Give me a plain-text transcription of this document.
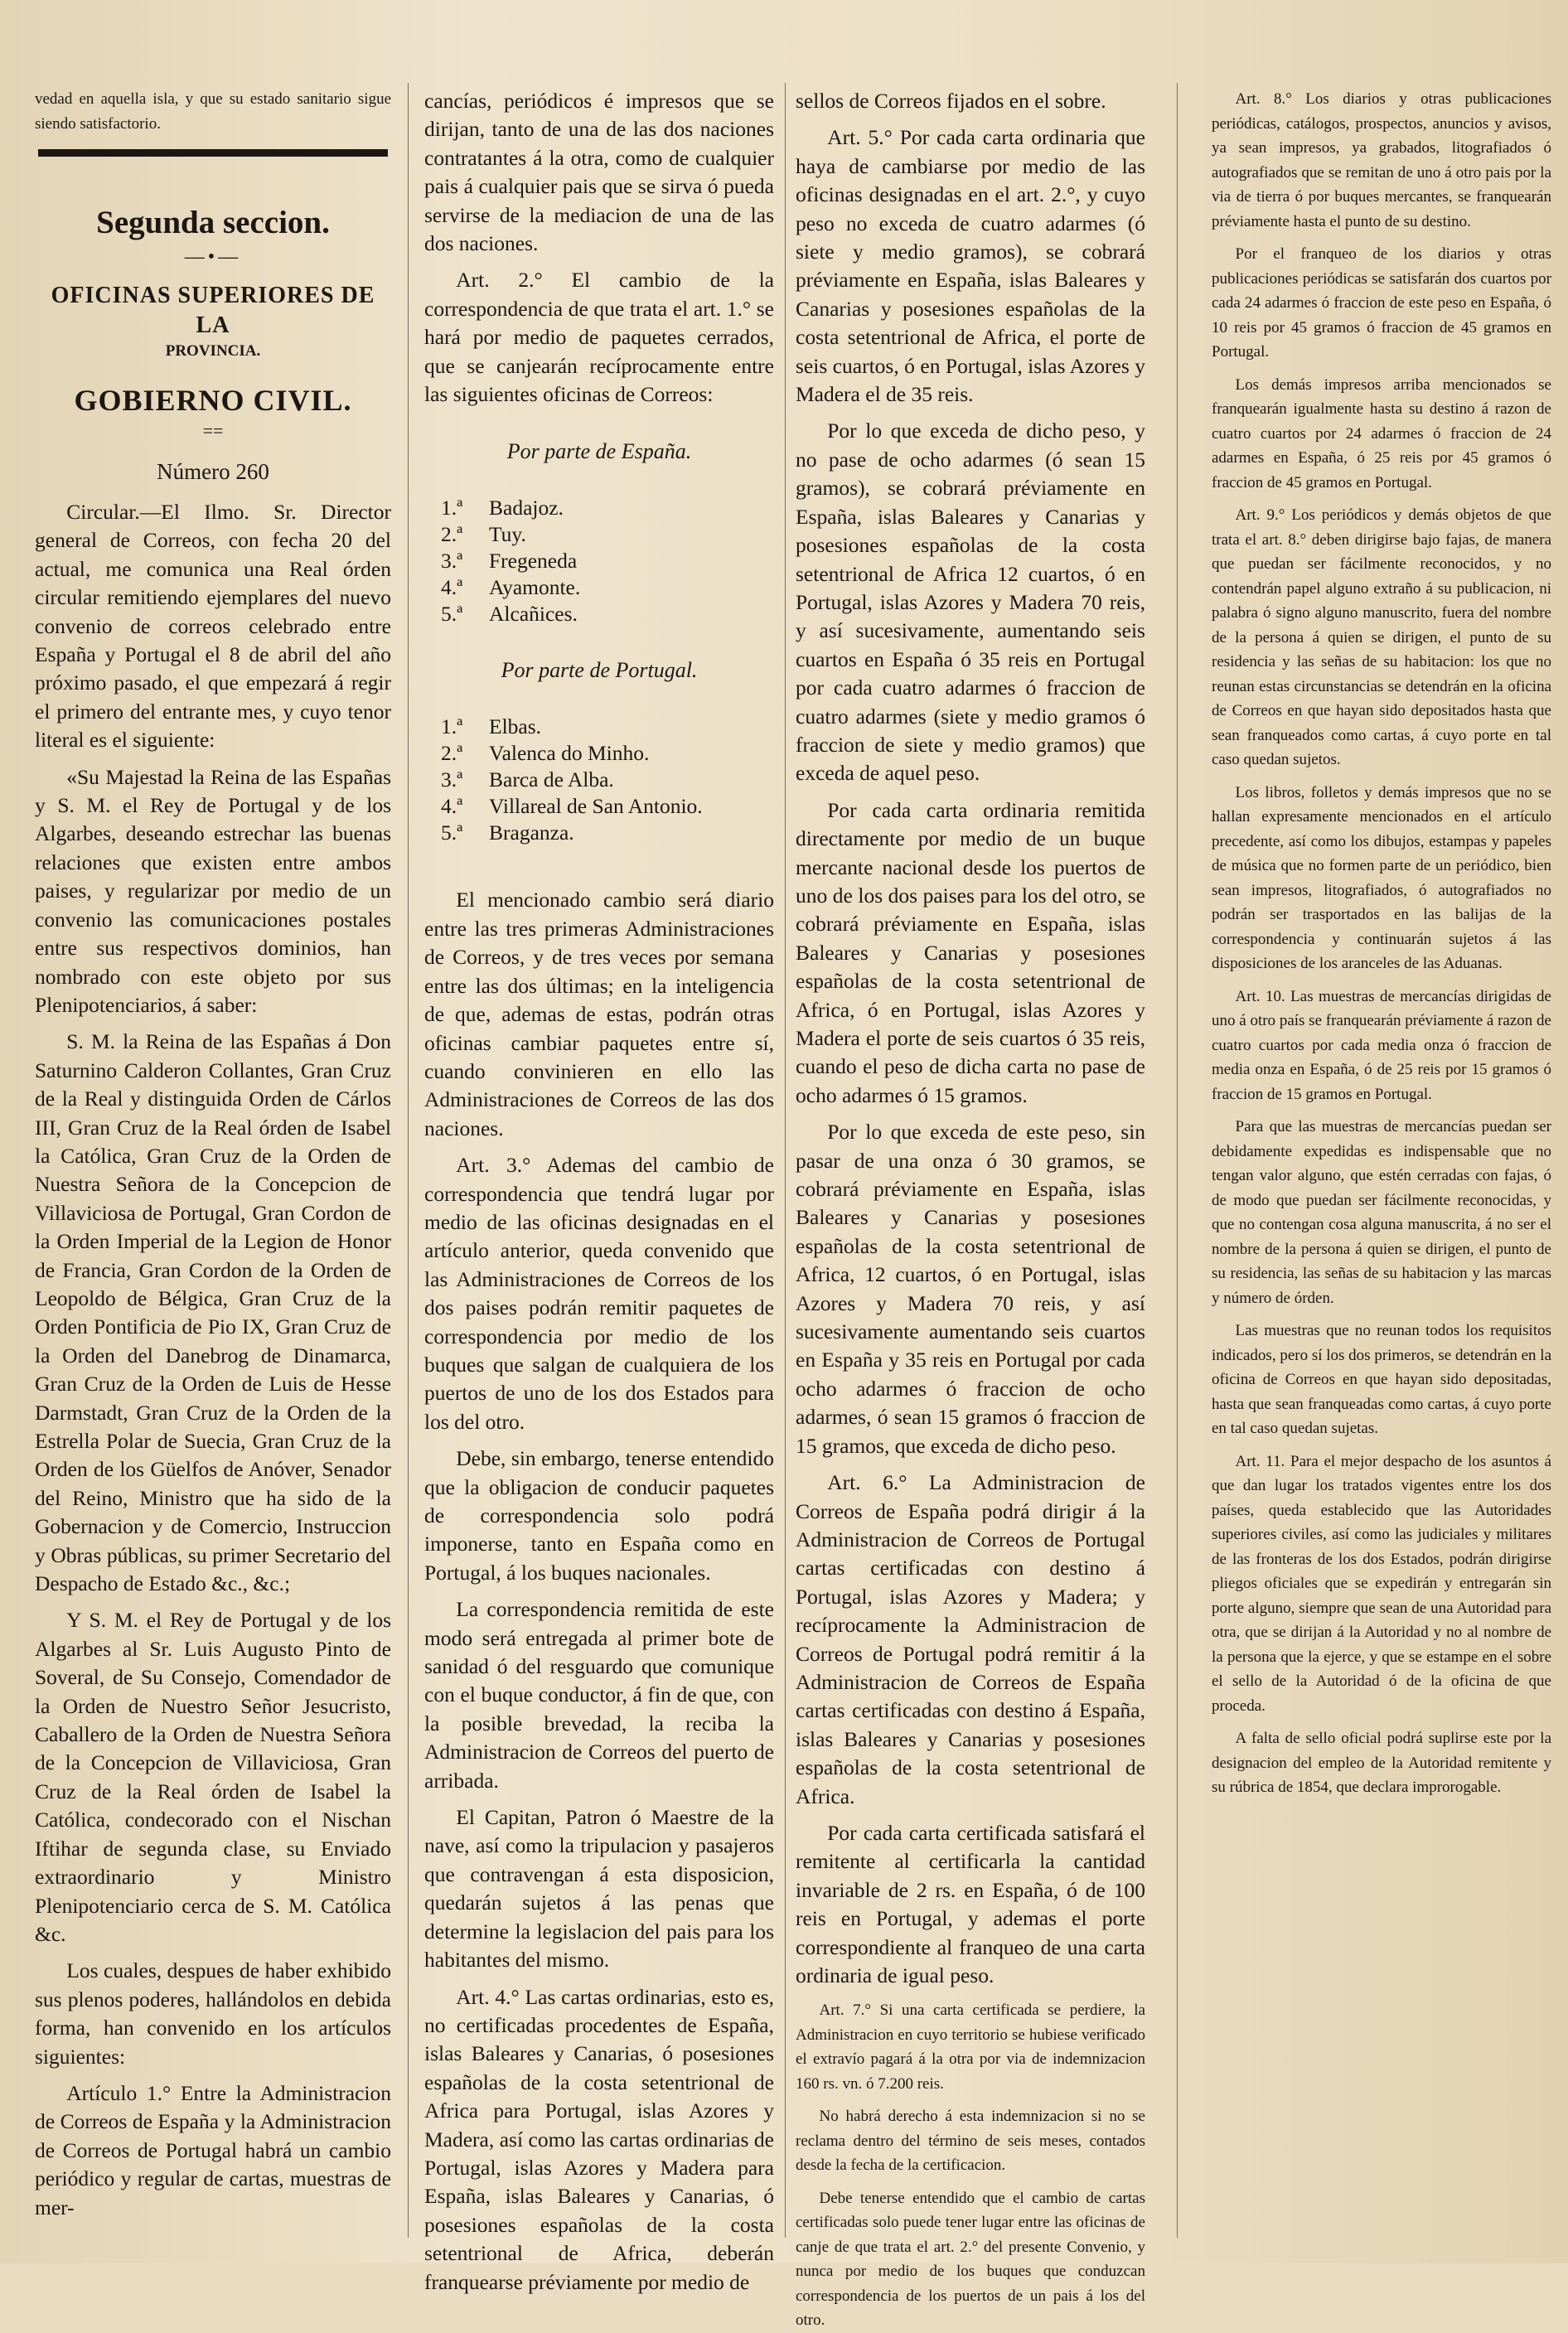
vedad en aquella isla, y que su estado sanitario sigue siendo satisfactorio.

Segunda seccion.
—•—
OFICINAS SUPERIORES DE LA
PROVINCIA.
GOBIERNO CIVIL.
==
Número 260

Circular.—El Ilmo. Sr. Director general de Correos, con fecha 20 del actual, me comunica una Real órden circular remitiendo ejemplares del nuevo convenio de correos celebrado entre España y Portugal el 8 de abril del año próximo pasado, el que empezará á regir el primero del entrante mes, y cuyo tenor literal es el siguiente:

«Su Majestad la Reina de las Españas y S. M. el Rey de Portugal y de los Algarbes, deseando estrechar las buenas relaciones que existen entre ambos paises, y regularizar por medio de un convenio las comunicaciones postales entre sus respectivos dominios, han nombrado con este objeto por sus Plenipotenciarios, á saber:

S. M. la Reina de las Españas á Don Saturnino Calderon Collantes, Gran Cruz de la Real y distinguida Orden de Cárlos III, Gran Cruz de la Real órden de Isabel la Católica, Gran Cruz de la Orden de Nuestra Señora de la Concepcion de Villaviciosa de Portugal, Gran Cordon de la Orden Imperial de la Legion de Honor de Francia, Gran Cordon de la Orden de Leopoldo de Bélgica, Gran Cruz de la Orden Pontificia de Pio IX, Gran Cruz de la Orden del Danebrog de Dinamarca, Gran Cruz de la Orden de Luis de Hesse Darmstadt, Gran Cruz de la Orden de la Estrella Polar de Suecia, Gran Cruz de la Orden de los Güelfos de Anóver, Senador del Reino, Ministro que ha sido de la Gobernacion y de Comercio, Instruccion y Obras públicas, su primer Secretario del Despacho de Estado &c., &c.;

Y S. M. el Rey de Portugal y de los Algarbes al Sr. Luis Augusto Pinto de Soveral, de Su Consejo, Comendador de la Orden de Nuestro Señor Jesucristo, Caballero de la Orden de Nuestra Señora de la Concepcion de Villaviciosa, Gran Cruz de la Real órden de Isabel la Católica, condecorado con el Nischan Iftihar de segunda clase, su Enviado extraordinario y Ministro Plenipotenciario cerca de S. M. Católica &c.

Los cuales, despues de haber exhibido sus plenos poderes, hallándolos en debida forma, han convenido en los artículos siguientes:

Artículo 1.° Entre la Administracion de Correos de España y la Administracion de Correos de Portugal habrá un cambio periódico y regular de cartas, muestras de mer-

cancías, periódicos é impresos que se dirijan, tanto de una de las dos naciones contratantes á la otra, como de cualquier pais á cualquier pais que se sirva ó pueda servirse de la mediacion de una de las dos naciones.

Art. 2.° El cambio de la correspondencia de que trata el art. 1.° se hará por medio de paquetes cerrados, que se canjearán recíprocamente entre las siguientes oficinas de Correos:

Por parte de España.
1.ª Badajoz.
2.ª Tuy.
3.ª Fregeneda
4.ª Ayamonte.
5.ª Alcañices.
Por parte de Portugal.
1.ª Elbas.
2.ª Valenca do Minho.
3.ª Barca de Alba.
4.ª Villareal de San Antonio.
5.ª Braganza.

El mencionado cambio será diario entre las tres primeras Administraciones de Correos, y de tres veces por semana entre las dos últimas; en la inteligencia de que, ademas de estas, podrán otras oficinas cambiar paquetes entre sí, cuando convinieren en ello las Administraciones de Correos de las dos naciones.

Art. 3.° Ademas del cambio de correspondencia que tendrá lugar por medio de las oficinas designadas en el artículo anterior, queda convenido que las Administraciones de Correos de los dos paises podrán remitir paquetes de correspondencia por medio de los buques que salgan de cualquiera de los puertos de uno de los dos Estados para los del otro.

Debe, sin embargo, tenerse entendido que la obligacion de conducir paquetes de correspondencia solo podrá imponerse, tanto en España como en Portugal, á los buques nacionales.

La correspondencia remitida de este modo será entregada al primer bote de sanidad ó del resguardo que comunique con el buque conductor, á fin de que, con la posible brevedad, la reciba la Administracion de Correos del puerto de arribada.

El Capitan, Patron ó Maestre de la nave, así como la tripulacion y pasajeros que contravengan á esta disposicion, quedarán sujetos á las penas que determine la legislacion del pais para los habitantes del mismo.

Art. 4.° Las cartas ordinarias, esto es, no certificadas procedentes de España, islas Baleares y Canarias, ó posesiones españolas de la costa setentrional de Africa para Portugal, islas Azores y Madera, así como las cartas ordinarias de Portugal, islas Azores y Madera para España, islas Baleares y Canarias, ó posesiones españolas de la costa setentrional de Africa, deberán franquearse préviamente por medio de

sellos de Correos fijados en el sobre.

Art. 5.° Por cada carta ordinaria que haya de cambiarse por medio de las oficinas designadas en el art. 2.°, y cuyo peso no exceda de cuatro adarmes (ó siete y medio gramos), se cobrará préviamente en España, islas Baleares y Canarias y posesiones españolas de la costa setentrional de Africa, el porte de seis cuartos, ó en Portugal, islas Azores y Madera el de 35 reis.

Por lo que exceda de dicho peso, y no pase de ocho adarmes (ó sean 15 gramos), se cobrará préviamente en España, islas Baleares y Canarias y posesiones españolas de la costa setentrional de Africa 12 cuartos, ó en Portugal, islas Azores y Madera 70 reis, y así sucesivamente, aumentando seis cuartos en España ó 35 reis en Portugal por cada cuatro adarmes ó fraccion de cuatro adarmes (siete y medio gramos ó fraccion de siete y medio gramos) que exceda de aquel peso.

Por cada carta ordinaria remitida directamente por medio de un buque mercante nacional desde los puertos de uno de los dos paises para los del otro, se cobrará préviamente en España, islas Baleares y Canarias y posesiones españolas de la costa setentrional de Africa, ó en Portugal, islas Azores y Madera el porte de seis cuartos ó 35 reis, cuando el peso de dicha carta no pase de ocho adarmes ó 15 gramos.

Por lo que exceda de este peso, sin pasar de una onza ó 30 gramos, se cobrará préviamente en España, islas Baleares y Canarias y posesiones españolas de la costa setentrional de Africa, 12 cuartos, ó en Portugal, islas Azores y Madera 70 reis, y así sucesivamente aumentando seis cuartos en España y 35 reis en Portugal por cada ocho adarmes ó fraccion de ocho adarmes, ó sean 15 gramos ó fraccion de 15 gramos, que exceda de dicho peso.

Art. 6.° La Administracion de Correos de España podrá dirigir á la Administracion de Correos de Portugal cartas certificadas con destino á Portugal, islas Azores y Madera; y recíprocamente la Administracion de Correos de Portugal podrá remitir á la Administracion de Correos de España cartas certificadas con destino á España, islas Baleares y Canarias y posesiones españolas de la costa setentrional de Africa.

Por cada carta certificada satisfará el remitente al certificarla la cantidad invariable de 2 rs. en España, ó de 100 reis en Portugal, y ademas el porte correspondiente al franqueo de una carta ordinaria de igual peso.

Art. 7.° Si una carta certificada se perdiere, la Administracion en cuyo territorio se hubiese verificado el extravío pagará á la otra por via de indemnizacion 160 rs. vn. ó 7.200 reis.

No habrá derecho á esta indemnizacion si no se reclama dentro del término de seis meses, contados desde la fecha de la certificacion.

Debe tenerse entendido que el cambio de cartas certificadas solo puede tener lugar entre las oficinas de canje de que trata el art. 2.° del presente Convenio, y nunca por medio de los buques que conduzcan correspondencia de los puertos de un pais á los del otro.

Art. 8.° Los diarios y otras publicaciones periódicas, catálogos, prospectos, anuncios y avisos, ya sean impresos, ya grabados, litografiados ó autografiados que se remitan de uno á otro pais por la via de tierra ó por buques mercantes, se franquearán préviamente hasta el punto de su destino.

Por el franqueo de los diarios y otras publicaciones periódicas se satisfarán dos cuartos por cada 24 adarmes ó fraccion de este peso en España, ó 10 reis por 45 gramos ó fraccion de 45 gramos en Portugal.

Los demás impresos arriba mencionados se franquearán igualmente hasta su destino á razon de cuatro cuartos por 24 adarmes ó fraccion de 24 adarmes en España, ó 25 reis por 45 gramos ó fraccion de 45 gramos en Portugal.

Art. 9.° Los periódicos y demás objetos de que trata el art. 8.° deben dirigirse bajo fajas, de manera que puedan ser fácilmente reconocidos, y no contendrán papel alguno extraño á su publicacion, ni palabra ó signo alguno manuscrito, fuera del nombre de la persona á quien se dirigen, el punto de su residencia y las señas de su habitacion: los que no reunan estas circunstancias se detendrán en la oficina de Correos en que hayan sido depositados hasta que sean franqueados como cartas, á cuyo porte en tal caso quedan sujetos.

Los libros, folletos y demás impresos que no se hallan expresamente mencionados en el artículo precedente, así como los dibujos, estampas y papeles de música que no formen parte de un periódico, bien sean impresos, litografiados, ó autografiados no podrán ser trasportados en las balijas de la correspondencia y continuarán sujetos á las disposiciones de los aranceles de las Aduanas.

Art. 10. Las muestras de mercancías dirigidas de uno á otro país se franquearán préviamente á razon de cuatro cuartos por cada media onza ó fraccion de media onza en España, ó de 25 reis por 15 gramos ó fraccion de 15 gramos en Portugal.

Para que las muestras de mercancías puedan ser debidamente expedidas es indispensable que no tengan valor alguno, que estén cerradas con fajas, ó de modo que puedan ser fácilmente reconocidas, y que no contengan cosa alguna manuscrita, á no ser el nombre de la persona á quien se dirigen, el punto de su residencia, las señas de su habitacion y las marcas y número de órden.

Las muestras que no reunan todos los requisitos indicados, pero sí los dos primeros, se detendrán en la oficina de Correos en que hayan sido depositadas, hasta que sean franqueadas como cartas, á cuyo porte en tal caso quedan sujetas.

Art. 11. Para el mejor despacho de los asuntos á que dan lugar los tratados vigentes entre los dos países, queda establecido que las Autoridades superiores civiles, así como las judiciales y militares de las fronteras de los dos Estados, podrán dirigirse pliegos oficiales que se expedirán y entregarán sin porte alguno, siempre que sean de una Autoridad para otra, que se dirijan á la Autoridad y no al nombre de la persona que la ejerce, y que se estampe en el sobre el sello de la Autoridad ó de la oficina de que proceda.

A falta de sello oficial podrá suplirse este por la designacion del empleo de la Autoridad remitente y su rúbrica de 1854, que declara improrogable.
